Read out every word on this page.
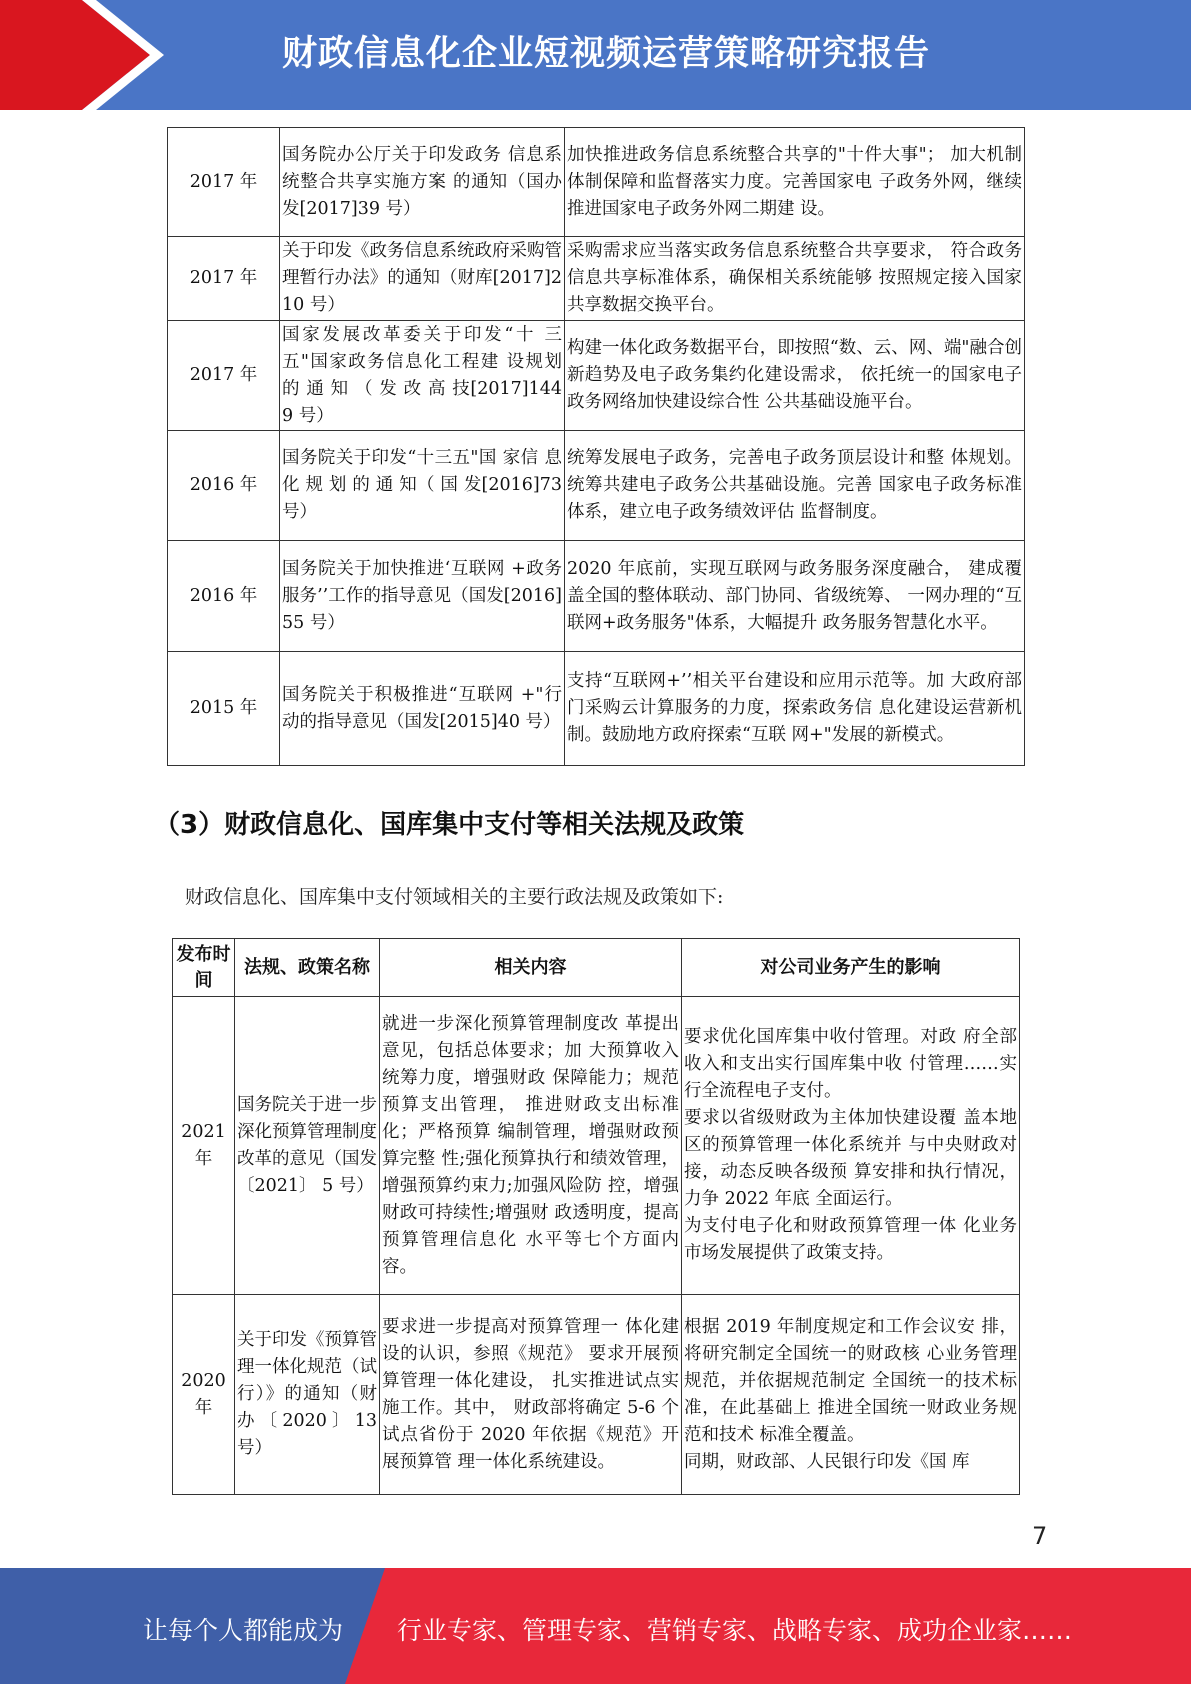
财政信息化企业短视频运营策略研究报告
2017 年	国务院办公厅关于印发政务 信息系统整合共享实施方案 的通知（国办发[2017]39 号）	加快推进政务信息系统整合共享的"十件大事"； 加大机制体制保障和监督落实力度。完善国家电 子政务外网，继续推进国家电子政务外网二期建 设。
2017 年	关于印发《政务信息系统政府采购管理暂行办法》的通知（财库[2017]210 号）	采购需求应当落实政务信息系统整合共享要求， 符合政务信息共享标准体系，确保相关系统能够 按照规定接入国家共享数据交换平台。
2017 年	国家发展改革委关于印发“十 三五"国家政务信息化工程建 设规划 的 通 知 （ 发 改 高 技[2017]1449 号）	构建一体化政务数据平台，即按照“数、云、网、端"融合创新趋势及电子政务集约化建设需求， 依托统一的国家电子政务网络加快建设综合性 公共基础设施平台。
2016 年	国务院关于印发“十三五"国 家信 息 化 规 划 的 通 知（ 国 发[2016]73 号）	统筹发展电子政务，完善电子政务顶层设计和整 体规划。统筹共建电子政务公共基础设施。完善 国家电子政务标准体系，建立电子政务绩效评估 监督制度。
2016 年	国务院关于加快推进‘互联网 +政务服务’’工作的指导意见（国发[2016]55 号）	2020 年底前，实现互联网与政务服务深度融合， 建成覆盖全国的整体联动、部门协同、省级统筹、 一网办理的“互联网+政务服务"体系，大幅提升 政务服务智慧化水平。
2015 年	国务院关于积极推进“互联网 +"行动的指导意见（国发[2015]40 号）	支持“互联网+’’相关平台建设和应用示范等。加 大政府部门采购云计算服务的力度，探索政务信 息化建设运营新机制。鼓励地方政府探索“互联 网+"发展的新模式。
（3）财政信息化、国库集中支付等相关法规及政策
财政信息化、国库集中支付领域相关的主要行政法规及政策如下:
发布时间	法规、政策名称	相关内容	对公司业务产生的影响
2021 年	国务院关于进一步深化预算管理制度改革的意见（国发〔2021〕 5 号）	就进一步深化预算管理制度改 革提出意见，包括总体要求；加 大预算收入统筹力度，增强财政 保障能力；规范预算支出管理， 推进财政支出标准化；严格预算 编制管理，增强财政预算完整 性;强化预算执行和绩效管理， 增强预算约束力;加强风险防 控，增强财政可持续性;增强财 政透明度，提高预算管理信息化 水平等七个方面内容。	要求优化国库集中收付管理。对政 府全部收入和支出实行国库集中收 付管理……实行全流程电子支付。
要求以省级财政为主体加快建设覆 盖本地区的预算管理一体化系统并 与中央财政对接，动态反映各级预 算安排和执行情况，力争 2022 年底 全面运行。
为支付电子化和财政预算管理一体 化业务市场发展提供了政策支持。

2020 年	关于印发《预算管理一体化规范（试行）》的通知（财办〔2020〕13 号）	要求进一步提高对预算管理一 体化建设的认识，参照《规范》 要求开展预算管理一体化建设， 扎实推进试点实施工作。其中， 财政部将确定 5-6 个试点省份于 2020 年依据《规范》开展预算管 理一体化系统建设。	根据 2019 年制度规定和工作会议安 排，将研究制定全国统一的财政核 心业务管理规范，并依据规范制定 全国统一的技术标准，在此基础上 推进全国统一财政业务规范和技术 标准全覆盖。
同期，财政部、人民银行印发《国 库
7
让每个人都能成为 行业专家、管理专家、营销专家、战略专家、成功企业家……
